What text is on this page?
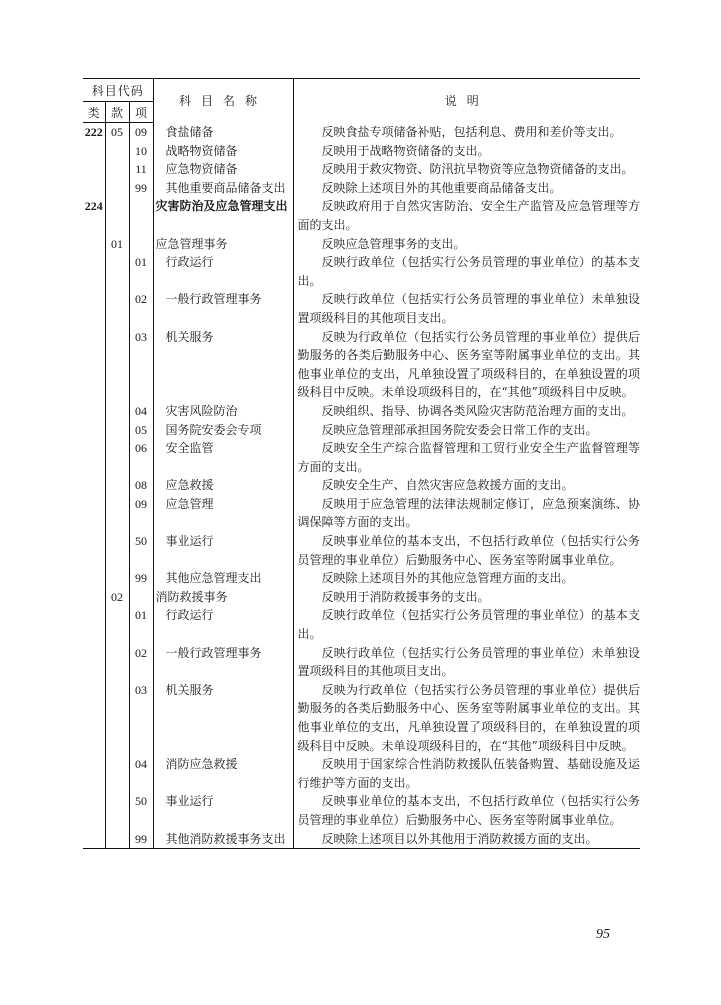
科目代码			科目名称	说明
类	款	项		
222	05	09	食盐储备	反映食盐专项储备补贴，包括利息、费用和差价等支出。
		10	战略物资储备	反映用于战略物资储备的支出。
		11	应急物资储备	反映用于救灾物资、防汛抗旱物资等应急物资储备的支出。
		99	其他重要商品储备支出	反映除上述项目外的其他重要商品储备支出。
224			灾害防治及应急管理支出	反映政府用于自然灾害防治、安全生产监管及应急管理等方面的支出。
	01		应急管理事务	反映应急管理事务的支出。
		01	行政运行	反映行政单位（包括实行公务员管理的事业单位）的基本支出。
		02	一般行政管理事务	反映行政单位（包括实行公务员管理的事业单位）未单独设置项级科目的其他项目支出。
		03	机关服务	反映为行政单位（包括实行公务员管理的事业单位）提供后勤服务的各类后勤服务中心、医务室等附属事业单位的支出。其他事业单位的支出，凡单独设置了项级科目的，在单独设置的项级科目中反映。未单设项级科目的，在“其他”项级科目中反映。
		04	灾害风险防治	反映组织、指导、协调各类风险灾害防范治理方面的支出。
		05	国务院安委会专项	反映应急管理部承担国务院安委会日常工作的支出。
		06	安全监管	反映安全生产综合监督管理和工贸行业安全生产监督管理等方面的支出。
		08	应急救援	反映安全生产、自然灾害应急救援方面的支出。
		09	应急管理	反映用于应急管理的法律法规制定修订，应急预案演练、协调保障等方面的支出。
		50	事业运行	反映事业单位的基本支出，不包括行政单位（包括实行公务员管理的事业单位）后勤服务中心、医务室等附属事业单位。
		99	其他应急管理支出	反映除上述项目外的其他应急管理方面的支出。
	02		消防救援事务	反映用于消防救援事务的支出。
		01	行政运行	反映行政单位（包括实行公务员管理的事业单位）的基本支出。
		02	一般行政管理事务	反映行政单位（包括实行公务员管理的事业单位）未单独设置项级科目的其他项目支出。
		03	机关服务	反映为行政单位（包括实行公务员管理的事业单位）提供后勤服务的各类后勤服务中心、医务室等附属事业单位的支出。其他事业单位的支出，凡单独设置了项级科目的，在单独设置的项级科目中反映。未单设项级科目的，在“其他”项级科目中反映。
		04	消防应急救援	反映用于国家综合性消防救援队伍装备购置、基础设施及运行维护等方面的支出。
		50	事业运行	反映事业单位的基本支出，不包括行政单位（包括实行公务员管理的事业单位）后勤服务中心、医务室等附属事业单位。
		99	其他消防救援事务支出	反映除上述项目以外其他用于消防救援方面的支出。
95
